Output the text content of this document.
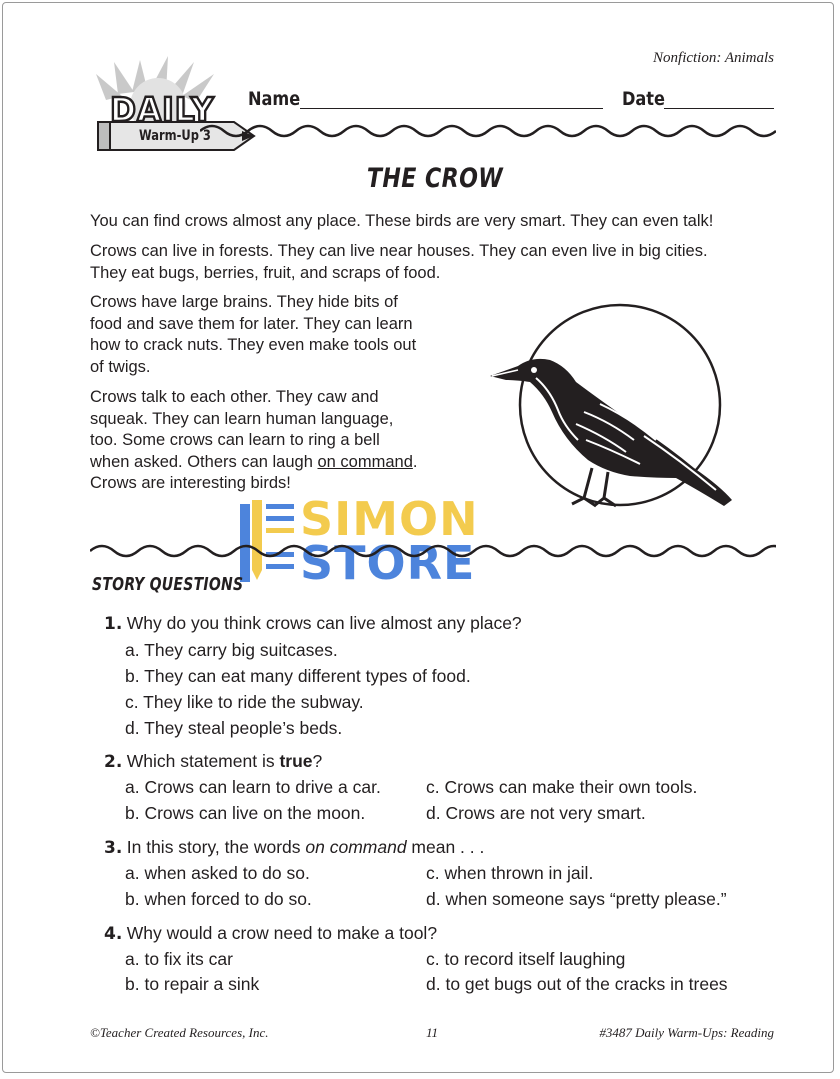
Nonfiction: Animals
DAILY
Warm-Up 3
Name	Date
THE CROW
You can find crows almost any place. These birds are very smart. They can even talk!
Crows can live in forests. They can live near houses. They can even live in big cities.
They eat bugs, berries, fruit, and scraps of food.
Crows have large brains. They hide bits of
food and save them for later. They can learn
how to crack nuts. They even make tools out
of twigs.
Crows talk to each other. They caw and
squeak. They can learn human language,
too. Some crows can learn to ring a bell
when asked. Others can laugh on command.
Crows are interesting birds!
SIMON
STORE
STORY QUESTIONS
1. Why do you think crows can live almost any place?
a. They carry big suitcases.
b. They can eat many different types of food.
c. They like to ride the subway.
d. They steal people’s beds.
2. Which statement is true?
a. Crows can learn to drive a car.
b. Crows can live on the moon.
c. Crows can make their own tools.
d. Crows are not very smart.
3. In this story, the words on command mean . . .
a. when asked to do so.
b. when forced to do so.
c. when thrown in jail.
d. when someone says “pretty please.”
4. Why would a crow need to make a tool?
a. to fix its car
b. to repair a sink
c. to record itself laughing
d. to get bugs out of the cracks in trees
©Teacher Created Resources, Inc.	11	#3487 Daily Warm-Ups: Reading
